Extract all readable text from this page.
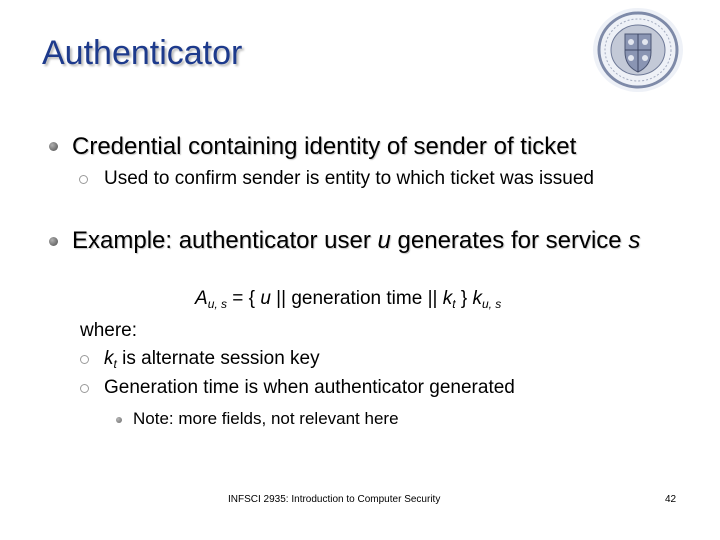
Authenticator
Credential containing identity of sender of ticket
Used to confirm sender is entity to which ticket was issued
Example: authenticator user u generates for service s
$A_{u, s}$ = { u || generation time || $k_t$ } $k_{u, s}$
where:
$k_t$ is alternate session key
Generation time is when authenticator generated
Note: more fields, not relevant here
INFSCI 2935: Introduction to Computer Security	42
